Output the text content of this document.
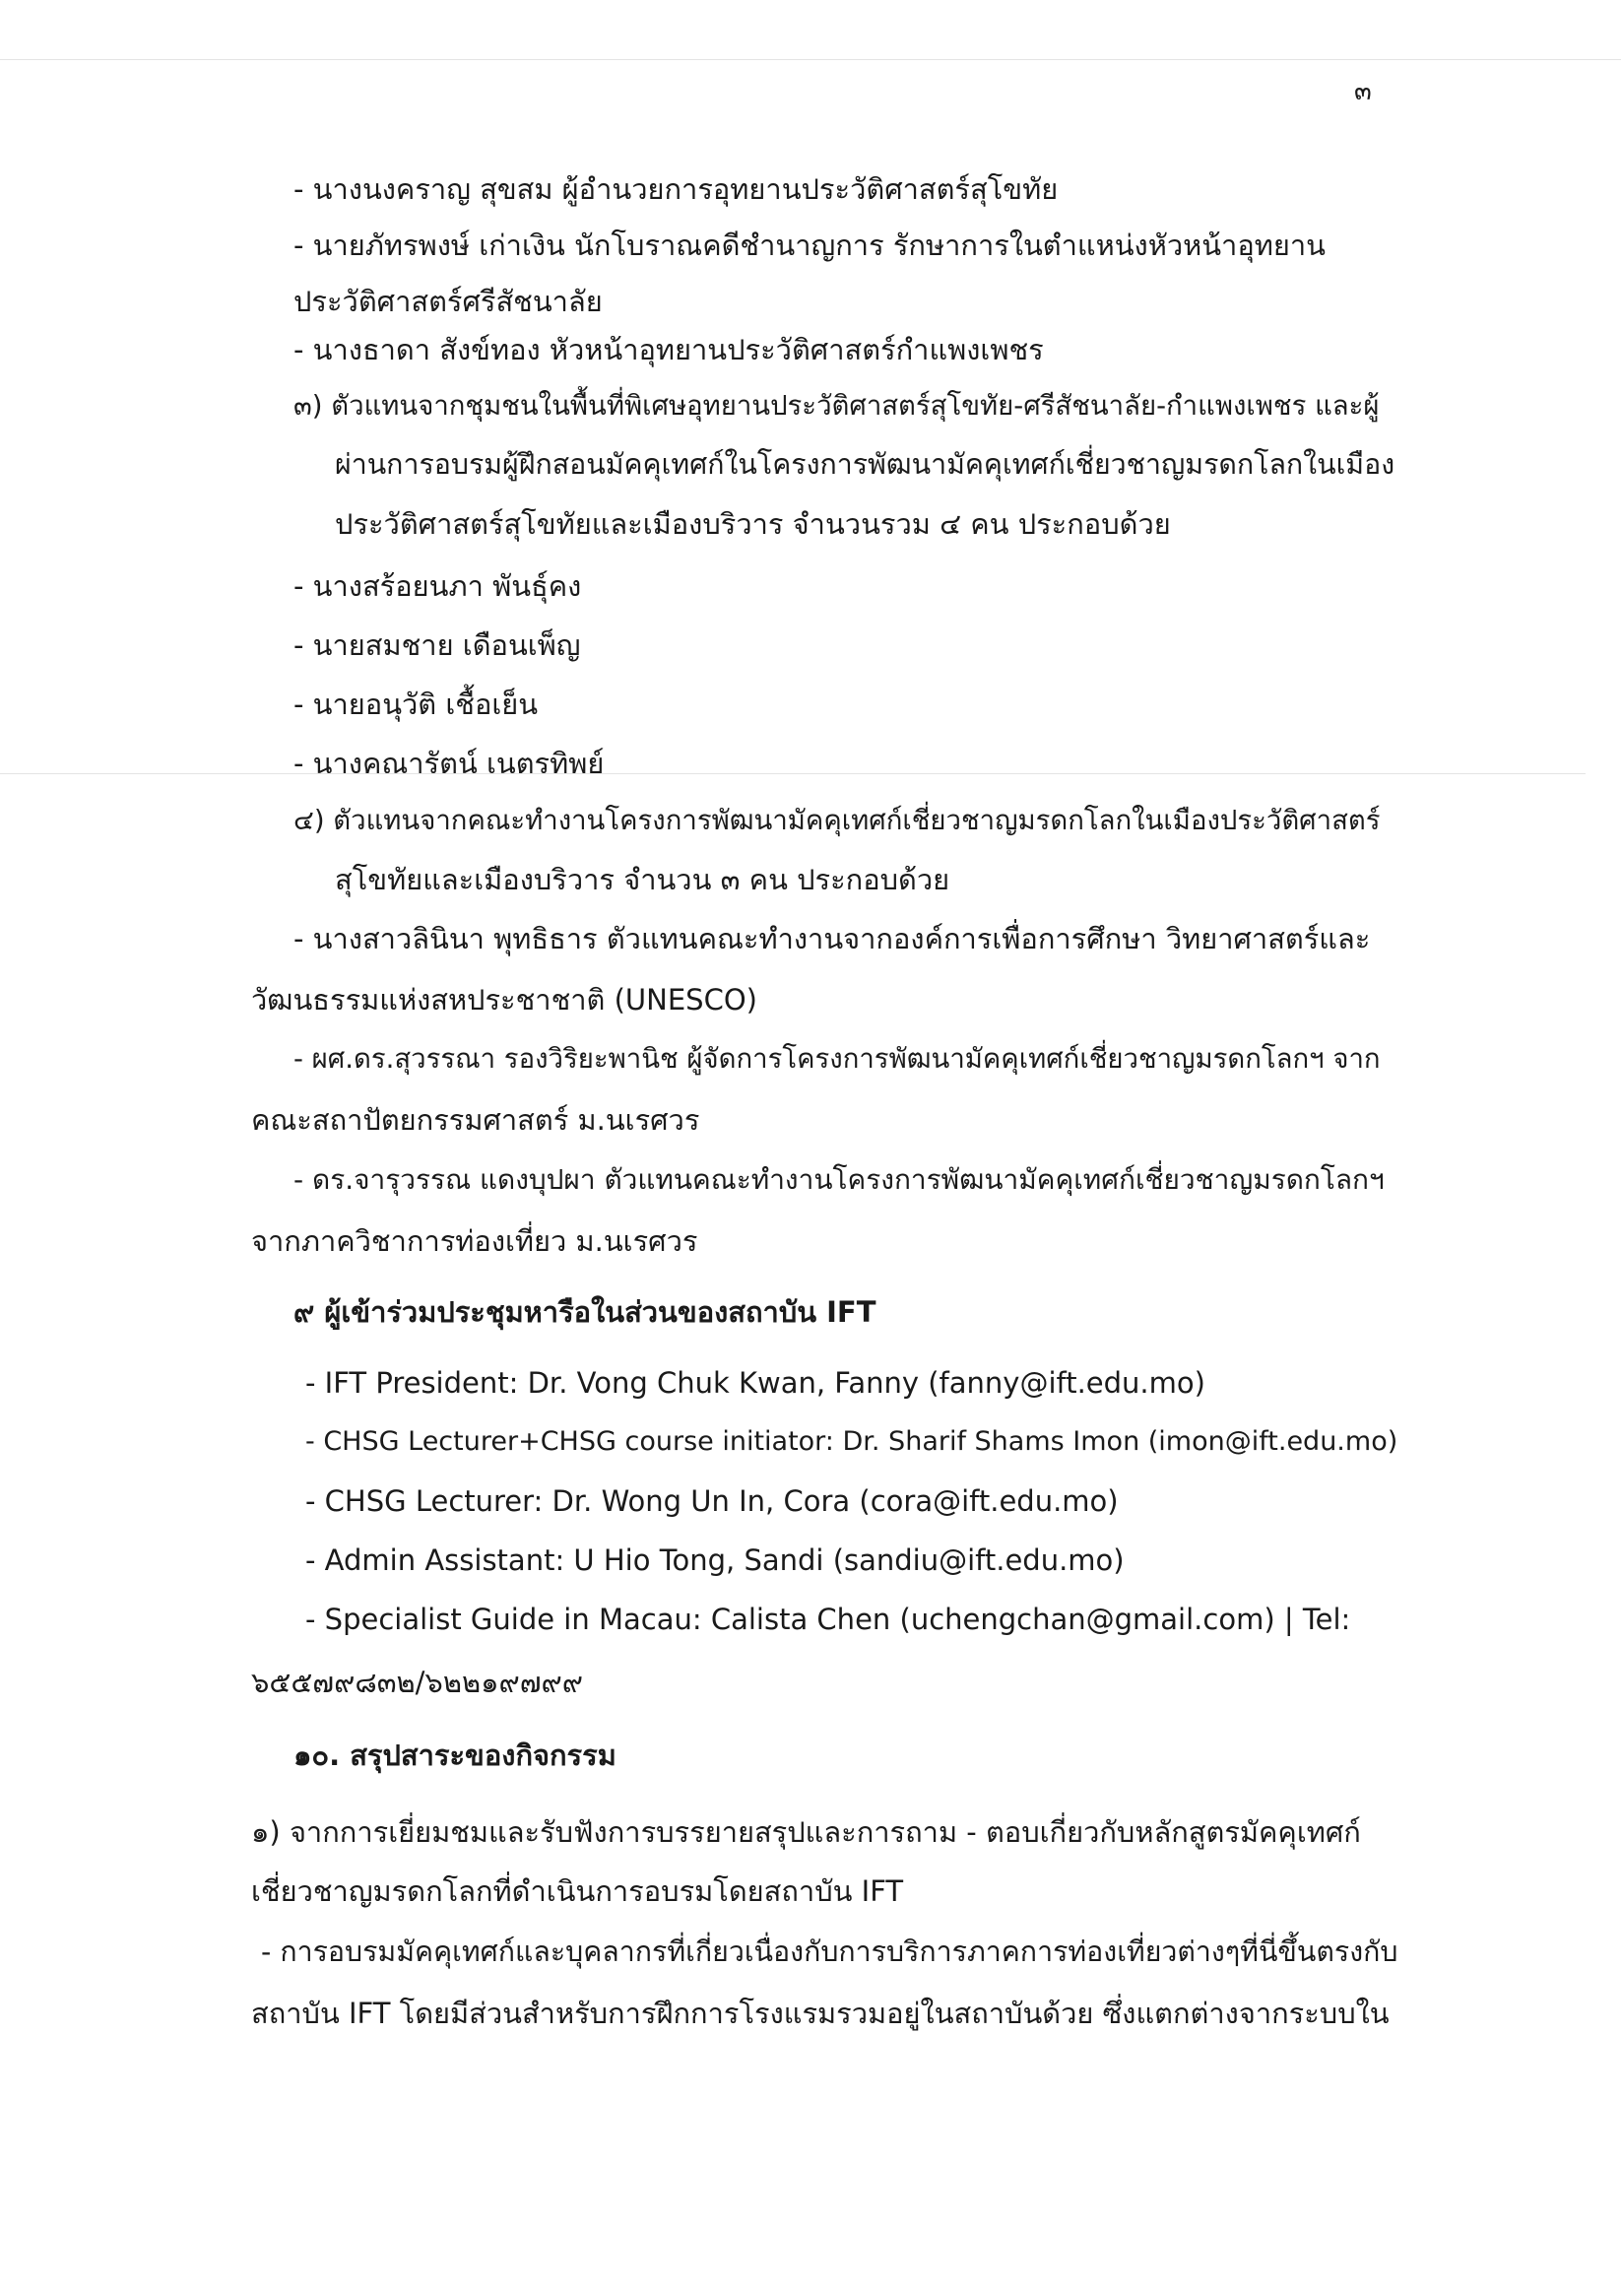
๓
- นางนงคราญ สุขสม ผู้อำนวยการอุทยานประวัติศาสตร์สุโขทัย
- นายภัทรพงษ์ เก่าเงิน นักโบราณคดีชำนาญการ รักษาการในตำแหน่งหัวหน้าอุทยาน
ประวัติศาสตร์ศรีสัชนาลัย
- นางธาดา สังข์ทอง หัวหน้าอุทยานประวัติศาสตร์กำแพงเพชร
๓) ตัวแทนจากชุมชนในพื้นที่พิเศษอุทยานประวัติศาสตร์สุโขทัย-ศรีสัชนาลัย-กำแพงเพชร และผู้
ผ่านการอบรมผู้ฝึกสอนมัคคุเทศก์ในโครงการพัฒนามัคคุเทศก์เชี่ยวชาญมรดกโลกในเมือง
ประวัติศาสตร์สุโขทัยและเมืองบริวาร จำนวนรวม ๔ คน ประกอบด้วย
- นางสร้อยนภา พันธุ์คง
- นายสมชาย เดือนเพ็ญ
- นายอนุวัติ เชื้อเย็น
- นางคณารัตน์ เนตรทิพย์
๔) ตัวแทนจากคณะทำงานโครงการพัฒนามัคคุเทศก์เชี่ยวชาญมรดกโลกในเมืองประวัติศาสตร์
สุโขทัยและเมืองบริวาร จำนวน ๓ คน ประกอบด้วย
- นางสาวลินินา พุทธิธาร ตัวแทนคณะทำงานจากองค์การเพื่อการศึกษา วิทยาศาสตร์และ
วัฒนธรรมแห่งสหประชาชาติ (UNESCO)
- ผศ.ดร.สุวรรณา รองวิริยะพานิช ผู้จัดการโครงการพัฒนามัคคุเทศก์เชี่ยวชาญมรดกโลกฯ จาก
คณะสถาปัตยกรรมศาสตร์ ม.นเรศวร
- ดร.จารุวรรณ แดงบุปผา ตัวแทนคณะทำงานโครงการพัฒนามัคคุเทศก์เชี่ยวชาญมรดกโลกฯ
จากภาควิชาการท่องเที่ยว ม.นเรศวร
๙ ผู้เข้าร่วมประชุมหารือในส่วนของสถาบัน IFT
- IFT President: Dr. Vong Chuk Kwan, Fanny (fanny@ift.edu.mo)
- CHSG Lecturer+CHSG course initiator: Dr. Sharif Shams Imon (imon@ift.edu.mo)
- CHSG Lecturer: Dr. Wong Un In, Cora (cora@ift.edu.mo)
- Admin Assistant: U Hio Tong, Sandi (sandiu@ift.edu.mo)
- Specialist Guide in Macau: Calista Chen (uchengchan@gmail.com) | Tel:
๖๕๕๗๙๘๓๒/๖๒๒๑๙๗๙๙
๑๐. สรุปสาระของกิจกรรม
๑) จากการเยี่ยมชมและรับฟังการบรรยายสรุปและการถาม - ตอบเกี่ยวกับหลักสูตรมัคคุเทศก์
เชี่ยวชาญมรดกโลกที่ดำเนินการอบรมโดยสถาบัน IFT
- การอบรมมัคคุเทศก์และบุคลากรที่เกี่ยวเนื่องกับการบริการภาคการท่องเที่ยวต่างๆที่นี่ขึ้นตรงกับ
สถาบัน IFT โดยมีส่วนสำหรับการฝึกการโรงแรมรวมอยู่ในสถาบันด้วย ซึ่งแตกต่างจากระบบใน
